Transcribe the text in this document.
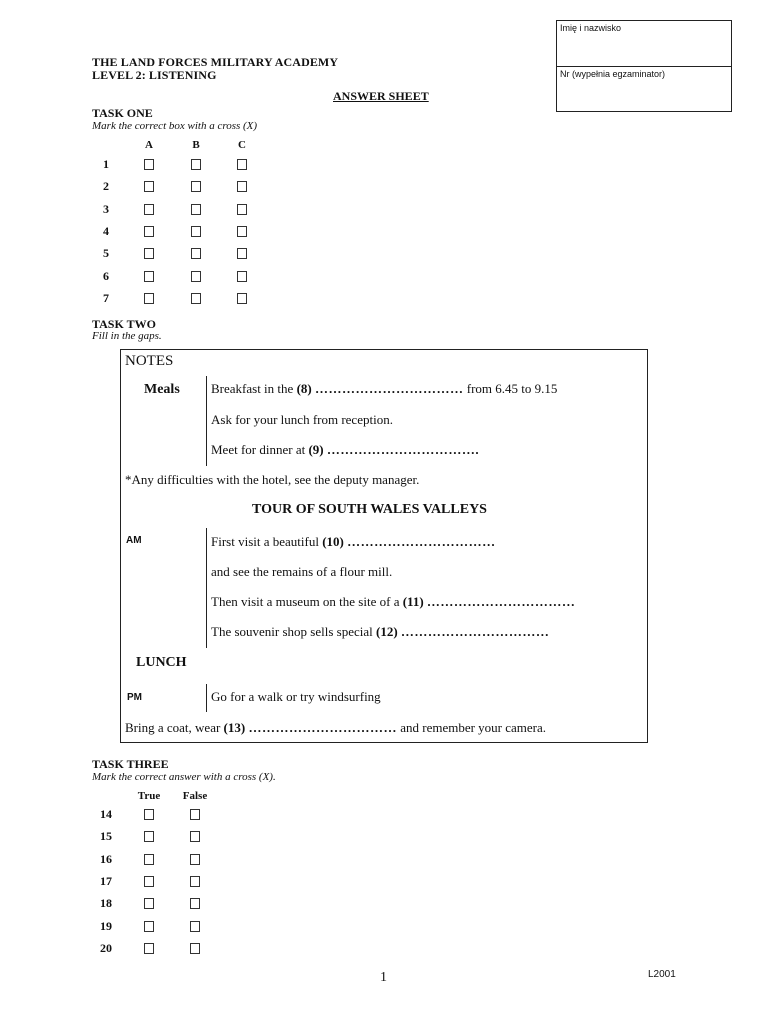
Imię i nazwisko
Nr (wypełnia egzaminator)
THE LAND FORCES MILITARY ACADEMY
LEVEL 2: LISTENING
ANSWER SHEET
TASK ONE
Mark the correct box with a cross (X)
A	B	C
1
2
3
4
5
6
7
TASK TWO
Fill in the gaps.
NOTES
Meals Breakfast in the (8) …………………………… from 6.45 to 9.15
Ask for your lunch from reception.
Meet for dinner at (9) …………………………….
*Any difficulties with the hotel, see the deputy manager.
TOUR OF SOUTH WALES VALLEYS
AM	First visit a beautiful (10) ……………………………
and see the remains of a flour mill.
Then visit a museum on the site of a (11) ……………………………
The souvenir shop sells special (12) ……………………………
LUNCH
PM	Go for a walk or try windsurfing
Bring a coat, wear (13) …………………………… and remember your camera.
TASK THREE
Mark the correct answer with a cross (X).
True	False
14
15
16
17
18
19
20
1	L2001
